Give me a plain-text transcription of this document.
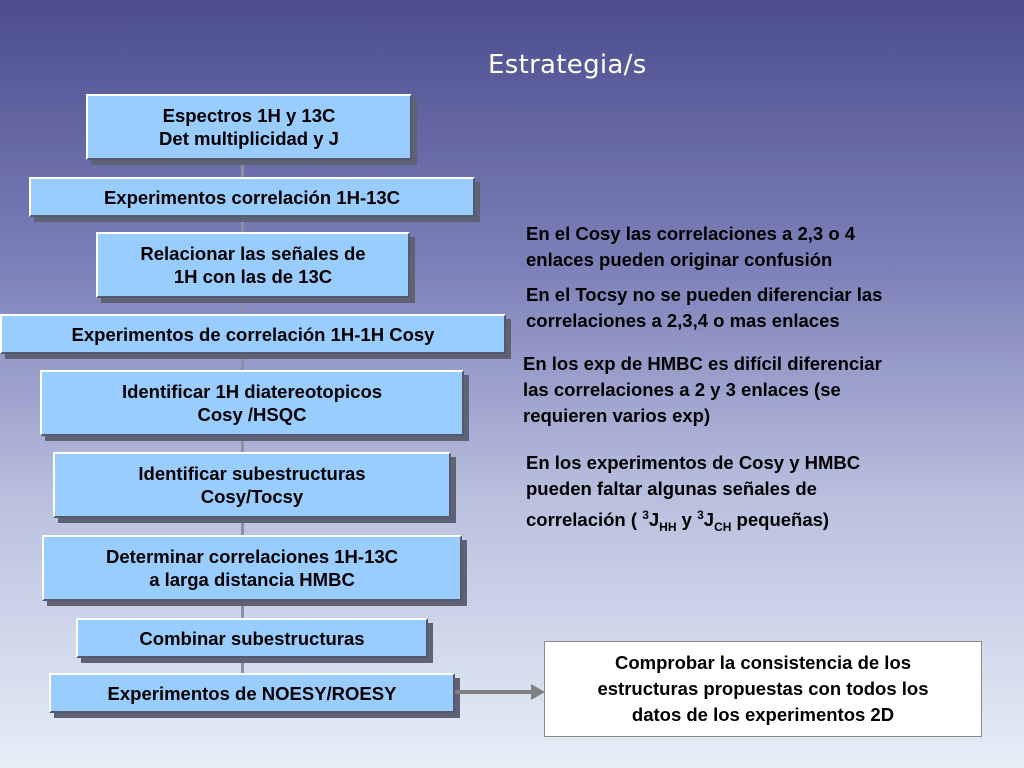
Estrategia/s
Espectros 1H y 13C
Det multiplicidad y J
Experimentos correlación 1H-13C
Relacionar las señales de
1H con las de 13C
Experimentos de correlación 1H-1H Cosy
Identificar 1H diatereotopicos
Cosy /HSQC
Identificar subestructuras
Cosy/Tocsy
Determinar correlaciones 1H-13C
a larga distancia HMBC
Combinar subestructuras
Experimentos de NOESY/ROESY
En el Cosy las correlaciones a 2,3 o 4
enlaces pueden originar confusión
En el Tocsy no se pueden diferenciar las
correlaciones a 2,3,4 o mas enlaces
En los exp de HMBC es difícil diferenciar
las correlaciones a 2 y 3 enlaces (se
requieren varios exp)
En los experimentos de Cosy y HMBC
pueden faltar algunas señales de
correlación ( $^3J_{HH}$ y $^3J_{CH}$ pequeñas)
Comprobar la consistencia de los
estructuras propuestas con todos los
datos de los experimentos 2D
